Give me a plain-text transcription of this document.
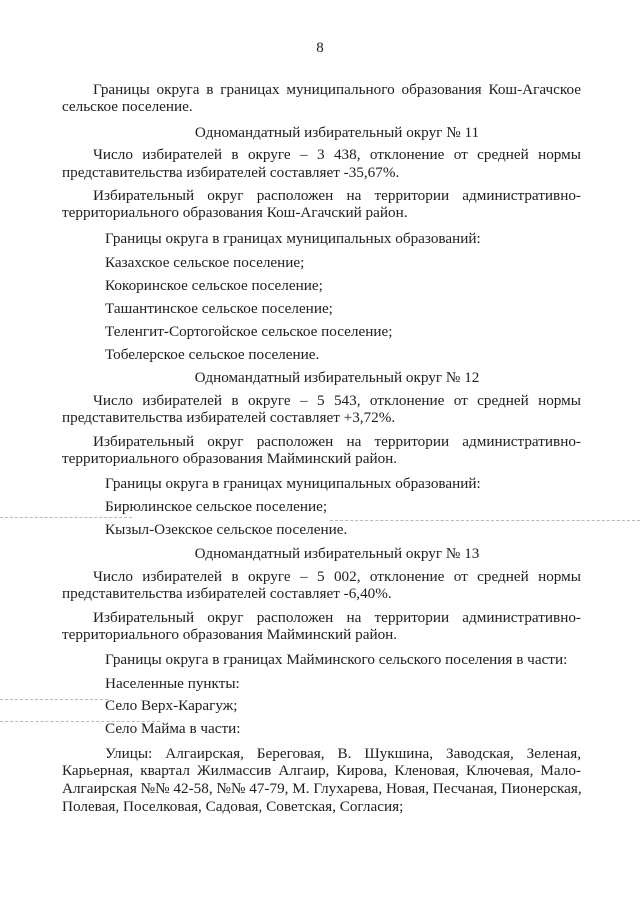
8
Границы округа в границах муниципального образования Кош-Агачское
сельское поселение.
Одномандатный избирательный округ № 11
Число избирателей в округе – 3 438, отклонение от средней нормы
представительства избирателей составляет -35,67%.
Избирательный округ расположен на территории административно-
территориального образования Кош-Агачский район.
Границы округа в границах муниципальных образований:
Казахское сельское поселение;
Кокоринское сельское поселение;
Ташантинское сельское поселение;
Теленгит-Сортогойское сельское поселение;
Тобелерское сельское поселение.
Одномандатный избирательный округ № 12
Число избирателей в округе – 5 543, отклонение от средней нормы
представительства избирателей составляет +3,72%.
Избирательный округ расположен на территории административно-
территориального образования Майминский район.
Границы округа в границах муниципальных образований:
Бирюлинское сельское поселение;
Кызыл-Озекское сельское поселение.
Одномандатный избирательный округ № 13
Число избирателей в округе – 5 002, отклонение от средней нормы
представительства избирателей составляет -6,40%.
Избирательный округ расположен на территории административно-
территориального образования Майминский район.
Границы округа в границах Майминского сельского поселения в части:
Населенные пункты:
Село Верх-Карагуж;
Село Майма в части:
Улицы: Алгаирская, Береговая, В. Шукшина, Заводская, Зеленая,
Карьерная, квартал Жилмассив Алгаир, Кирова, Кленовая, Ключевая, Мало-
Алгаирская №№ 42-58, №№ 47-79, М. Глухарева, Новая, Песчаная, Пионерская,
Полевая, Поселковая, Садовая, Советская, Согласия;
